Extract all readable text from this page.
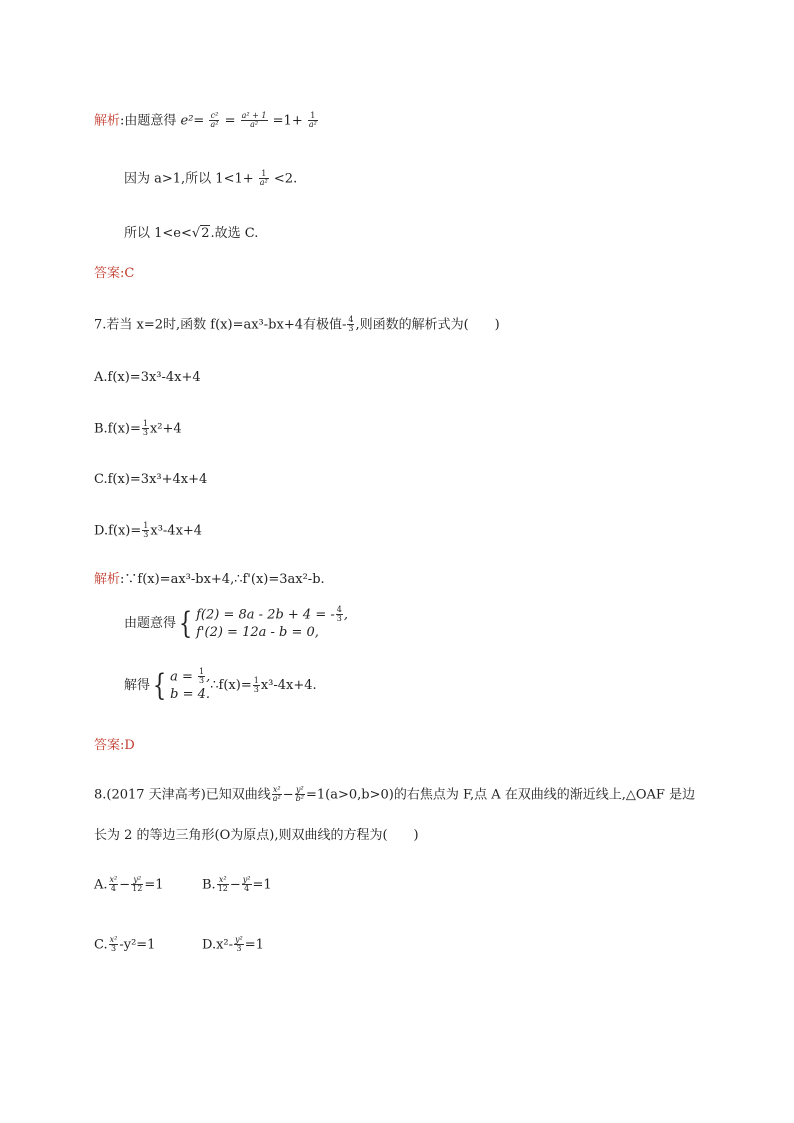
解析:由题意得 $e^2= \frac{\text{c²}}{\text{a²}} = \frac{\text{a² + 1}}{\text{a²}} =1+ \frac{1}{\text{a²}}$
因为 a>1,所以 $1<1+ \frac{1}{\text{a²}} <2$.
所以 1<e<√2.故选 C.
答案:C
7.若当 x=2时,函数 f(x)=ax³-bx+4有极值- $\frac{4}{3}$ ,则函数的解析式为(　　)
A.f(x)=3x³-4x+4
$B.f(x)= \frac{1}{3} x^2+4$
C.f(x)=3x³+4x+4
$D.f(x)= \frac{1}{3} x^3-4x+4$
解析:∵f(x)=ax³-bx+4,∴f'(x)=3ax²-b.
由题意得{ f(2) = 8a - 2b + 4 = - $\frac{4}{3}$ ,
f'(2) = 12a - b = 0,
解得{ $a = \frac{1}{3}$ ,
b = 4.
∴f(x)= $\frac{1}{3} x^3-4x+4$.
答案:D
8.(2017 天津高考)已知双曲线 $\frac{\text{x²}}{\text{a²}} - \frac{\text{y²}}{\text{b²}} =1(a>0,b>0)$的右焦点为 F,点 A 在双曲线的渐近线上,△OAF 是边
长为 2 的等边三角形(O为原点),则双曲线的方程为(　　)
A. $\frac{\text{x²}}{4} - \frac{\text{y²}}{12} =1$	B. $\frac{\text{x²}}{12} - \frac{\text{y²}}{4} =1$
C. $\frac{\text{x²}}{3} -y^2=1$	$D.x^2- \frac{\text{y²}}{3} =1$
